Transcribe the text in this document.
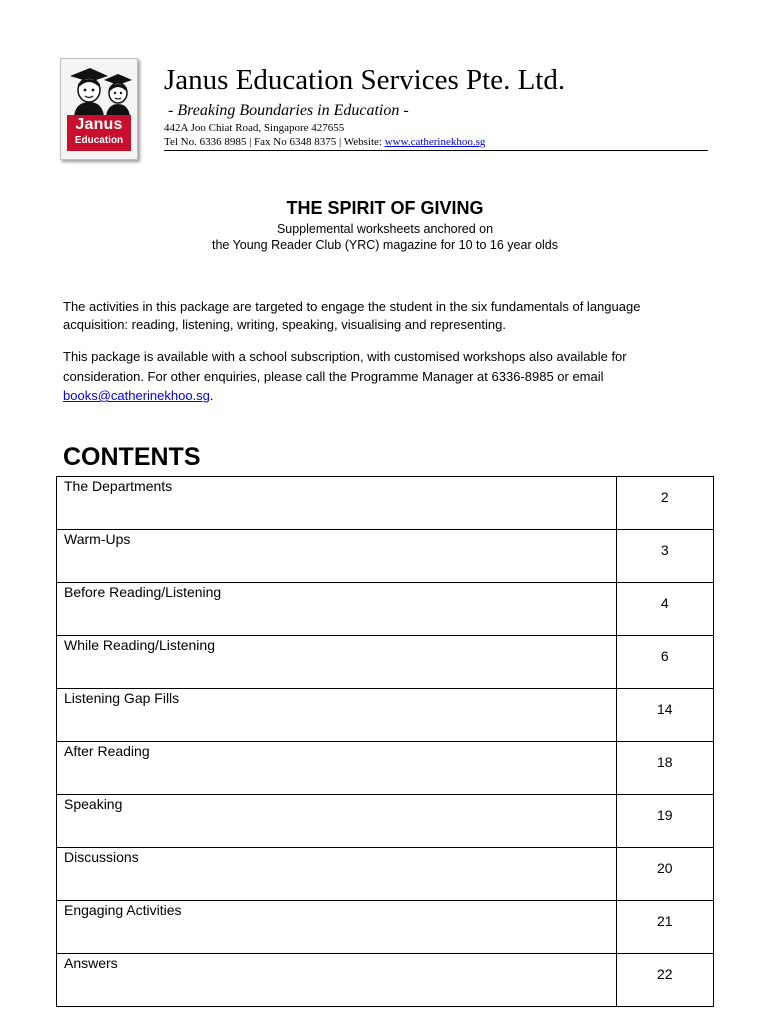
Janus
Education
Janus Education Services Pte. Ltd.
- Breaking Boundaries in Education -
442A Joo Chiat Road, Singapore 427655
Tel No. 6336 8985 | Fax No 6348 8375 | Website: www.catherinekhoo.sg
THE SPIRIT OF GIVING
Supplemental worksheets anchored on
the Young Reader Club (YRC) magazine for 10 to 16 year olds
The activities in this package are targeted to engage the student in the six fundamentals of language acquisition: reading, listening, writing, speaking, visualising and representing.
This package is available with a school subscription, with customised workshops also available for consideration. For other enquiries, please call the Programme Manager at 6336-8985 or email books@catherinekhoo.sg.
CONTENTS
The Departments	2
Warm-Ups	3
Before Reading/Listening	4
While Reading/Listening	6
Listening Gap Fills	14
After Reading	18
Speaking	19
Discussions	20
Engaging Activities	21
Answers	22
